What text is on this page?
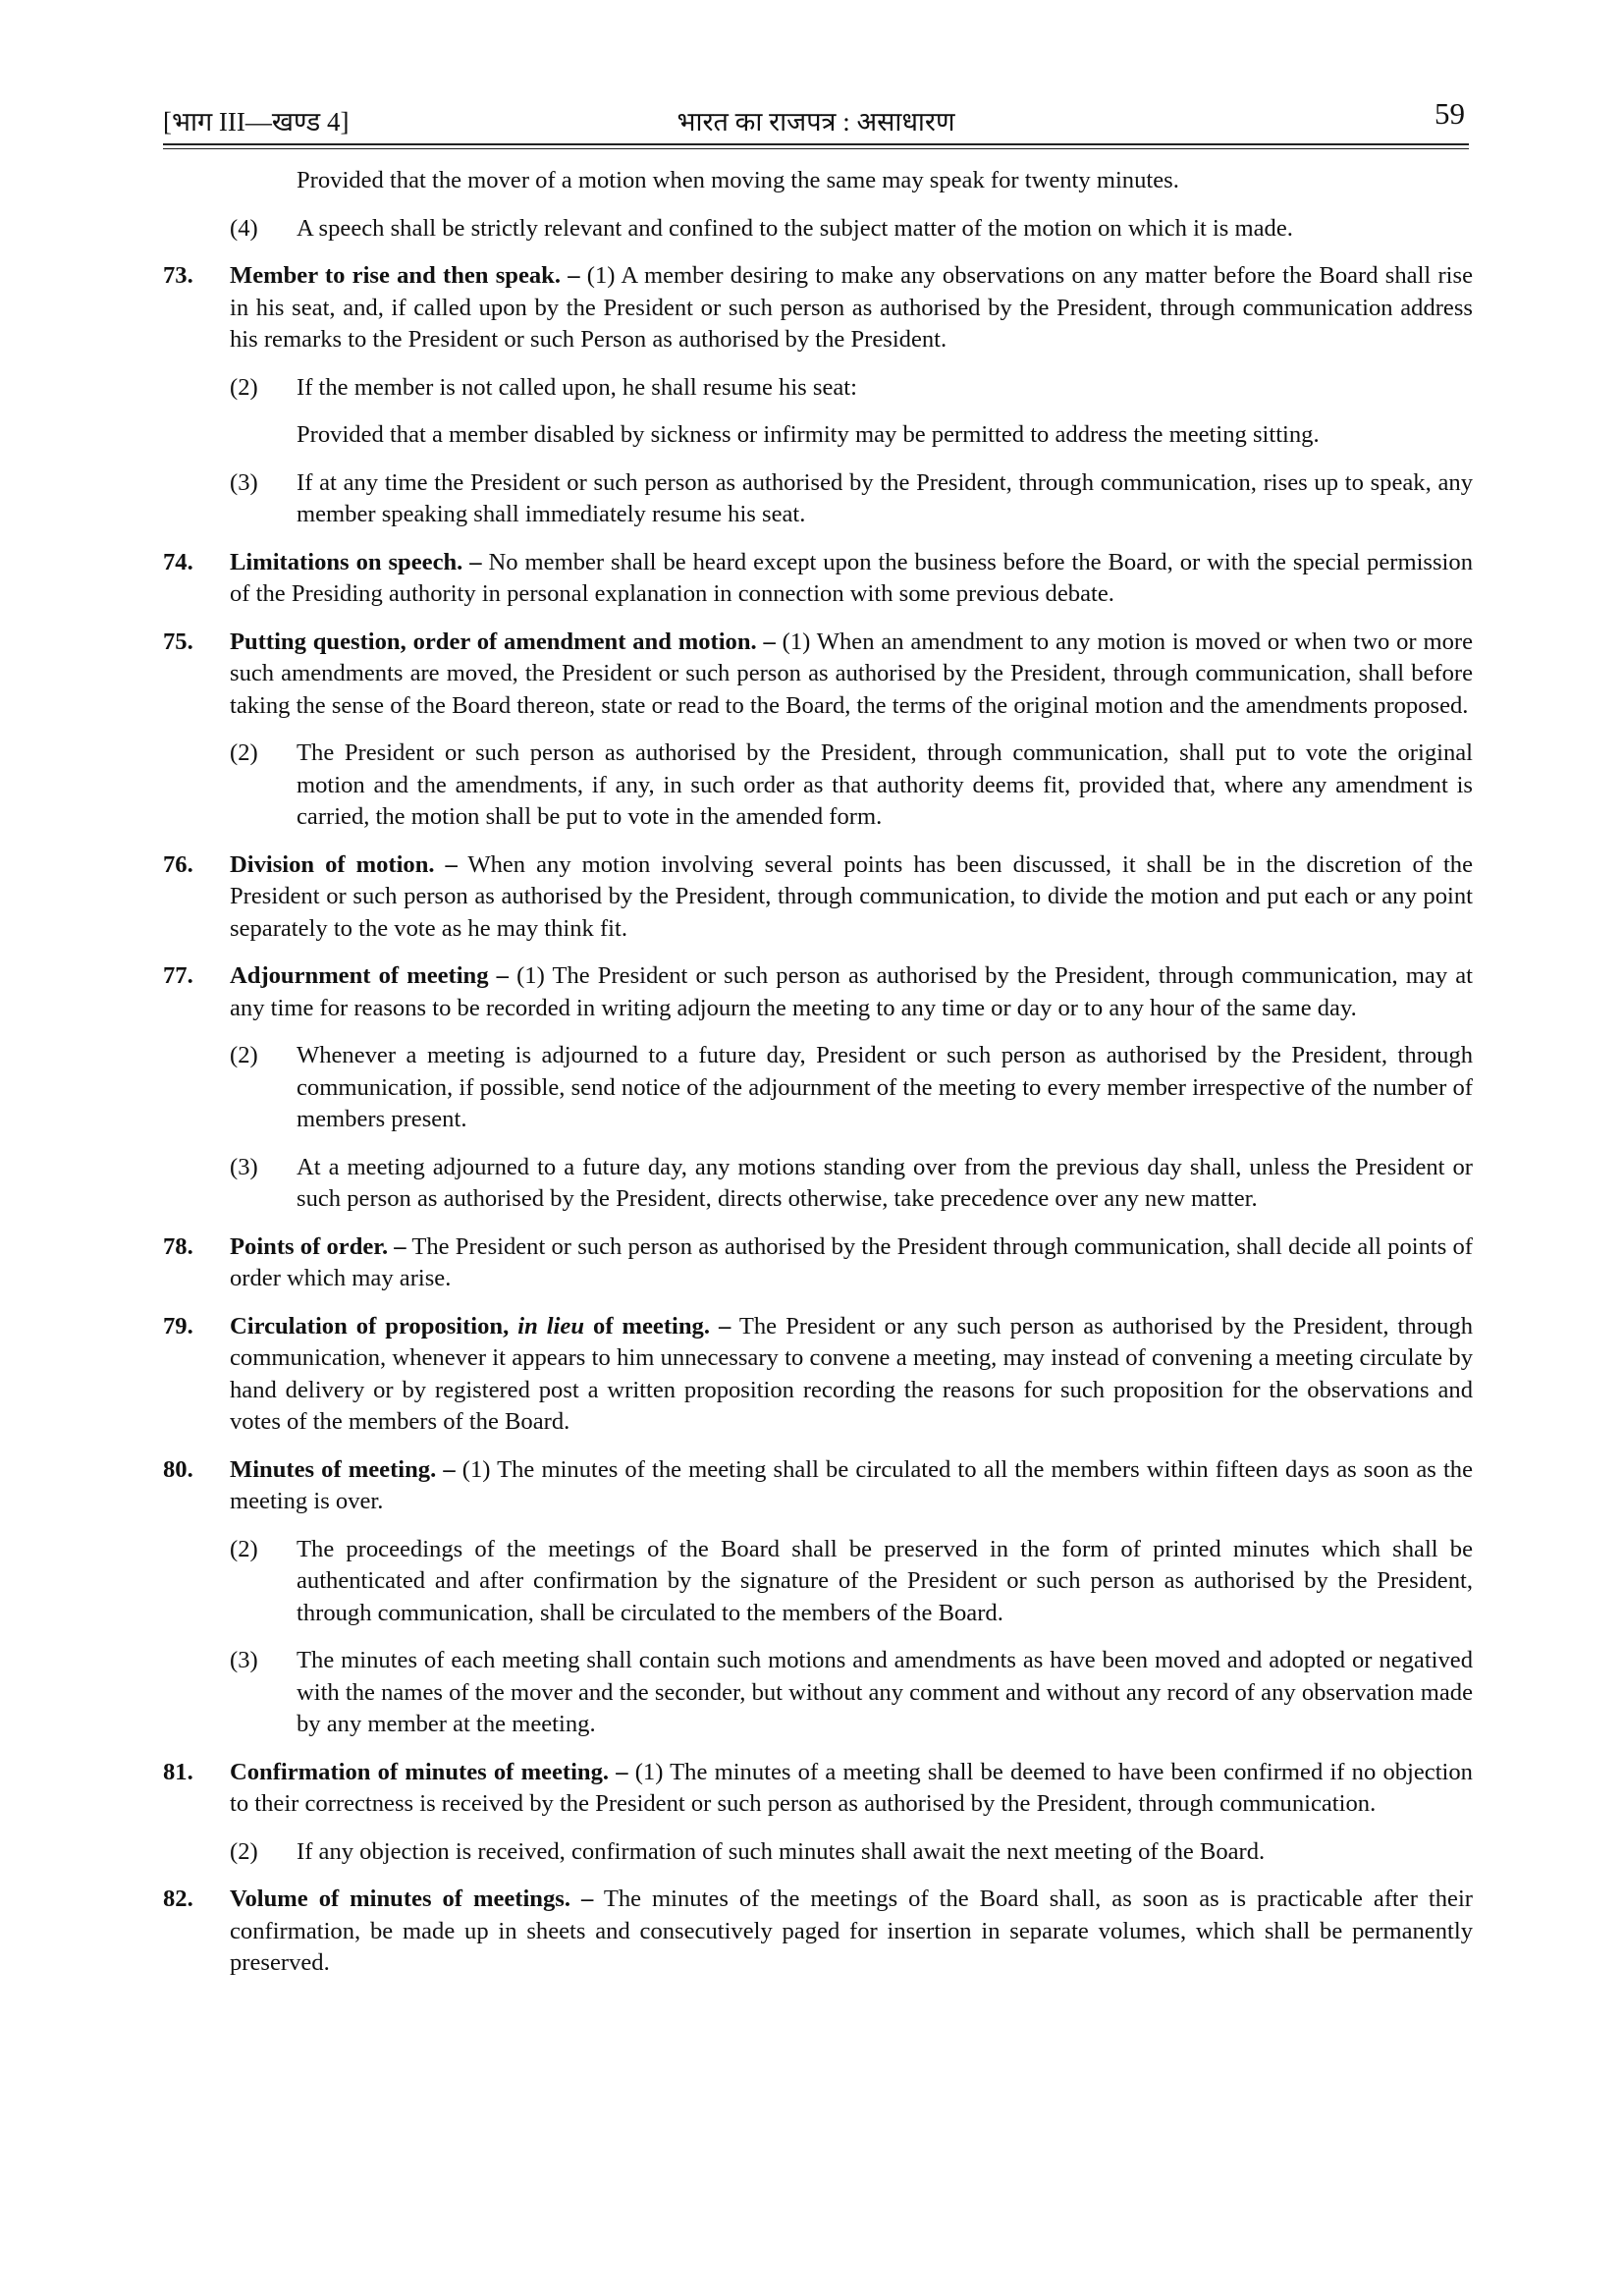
[भाग III—खण्ड 4]	भारत का राजपत्र : असाधारण	59

Provided that the mover of a motion when moving the same may speak for twenty minutes.

(4) A speech shall be strictly relevant and confined to the subject matter of the motion on which it is made.

73. Member to rise and then speak. – (1) A member desiring to make any observations on any matter before the Board shall rise in his seat, and, if called upon by the President or such person as authorised by the President, through communication address his remarks to the President or such Person as authorised by the President.

(2) If the member is not called upon, he shall resume his seat:

Provided that a member disabled by sickness or infirmity may be permitted to address the meeting sitting.

(3) If at any time the President or such person as authorised by the President, through communication, rises up to speak, any member speaking shall immediately resume his seat.

74. Limitations on speech. – No member shall be heard except upon the business before the Board, or with the special permission of the Presiding authority in personal explanation in connection with some previous debate.

75. Putting question, order of amendment and motion. – (1) When an amendment to any motion is moved or when two or more such amendments are moved, the President or such person as authorised by the President, through communication, shall before taking the sense of the Board thereon, state or read to the Board, the terms of the original motion and the amendments proposed.

(2) The President or such person as authorised by the President, through communication, shall put to vote the original motion and the amendments, if any, in such order as that authority deems fit, provided that, where any amendment is carried, the motion shall be put to vote in the amended form.

76. Division of motion. – When any motion involving several points has been discussed, it shall be in the discretion of the President or such person as authorised by the President, through communication, to divide the motion and put each or any point separately to the vote as he may think fit.

77. Adjournment of meeting – (1) The President or such person as authorised by the President, through communication, may at any time for reasons to be recorded in writing adjourn the meeting to any time or day or to any hour of the same day.

(2) Whenever a meeting is adjourned to a future day, President or such person as authorised by the President, through communication, if possible, send notice of the adjournment of the meeting to every member irrespective of the number of members present.

(3) At a meeting adjourned to a future day, any motions standing over from the previous day shall, unless the President or such person as authorised by the President, directs otherwise, take precedence over any new matter.

78. Points of order. – The President or such person as authorised by the President through communication, shall decide all points of order which may arise.

79. Circulation of proposition, in lieu of meeting. – The President or any such person as authorised by the President, through communication, whenever it appears to him unnecessary to convene a meeting, may instead of convening a meeting circulate by hand delivery or by registered post a written proposition recording the reasons for such proposition for the observations and votes of the members of the Board.

80. Minutes of meeting. – (1) The minutes of the meeting shall be circulated to all the members within fifteen days as soon as the meeting is over.

(2) The proceedings of the meetings of the Board shall be preserved in the form of printed minutes which shall be authenticated and after confirmation by the signature of the President or such person as authorised by the President, through communication, shall be circulated to the members of the Board.

(3) The minutes of each meeting shall contain such motions and amendments as have been moved and adopted or negatived with the names of the mover and the seconder, but without any comment and without any record of any observation made by any member at the meeting.

81. Confirmation of minutes of meeting. – (1) The minutes of a meeting shall be deemed to have been confirmed if no objection to their correctness is received by the President or such person as authorised by the President, through communication.

(2) If any objection is received, confirmation of such minutes shall await the next meeting of the Board.

82. Volume of minutes of meetings. – The minutes of the meetings of the Board shall, as soon as is practicable after their confirmation, be made up in sheets and consecutively paged for insertion in separate volumes, which shall be permanently preserved.
